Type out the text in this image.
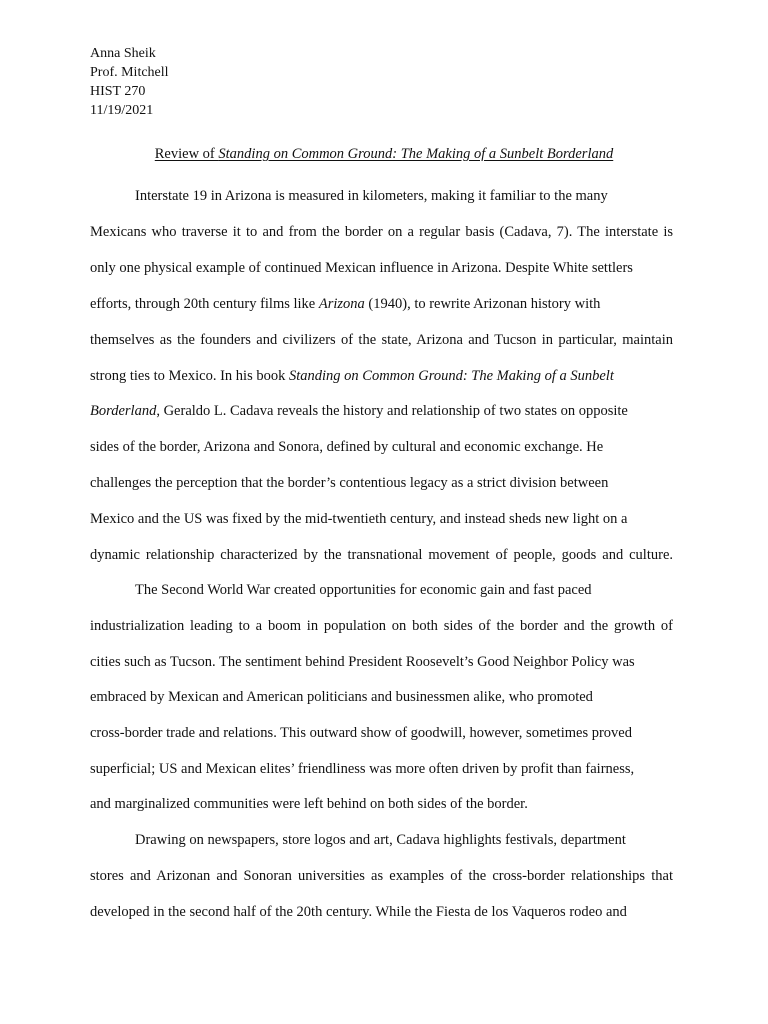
Anna Sheik
Prof. Mitchell
HIST 270
11/19/2021
Review of Standing on Common Ground: The Making of a Sunbelt Borderland
Interstate 19 in Arizona is measured in kilometers, making it familiar to the many
Mexicans who traverse it to and from the border on a regular basis (Cadava, 7). The interstate is
only one physical example of continued Mexican influence in Arizona. Despite White settlers
efforts, through 20th century films like Arizona (1940), to rewrite Arizonan history with
themselves as the founders and civilizers of the state, Arizona and Tucson in particular, maintain
strong ties to Mexico. In his book Standing on Common Ground: The Making of a Sunbelt
Borderland, Geraldo L. Cadava reveals the history and relationship of two states on opposite
sides of the border, Arizona and Sonora, defined by cultural and economic exchange. He
challenges the perception that the border’s contentious legacy as a strict division between
Mexico and the US was fixed by the mid-twentieth century, and instead sheds new light on a
dynamic relationship characterized by the transnational movement of people, goods and culture.
The Second World War created opportunities for economic gain and fast paced
industrialization leading to a boom in population on both sides of the border and the growth of
cities such as Tucson. The sentiment behind President Roosevelt’s Good Neighbor Policy was
embraced by Mexican and American politicians and businessmen alike, who promoted
cross-border trade and relations. This outward show of goodwill, however, sometimes proved
superficial; US and Mexican elites’ friendliness was more often driven by profit than fairness,
and marginalized communities were left behind on both sides of the border.
Drawing on newspapers, store logos and art, Cadava highlights festivals, department
stores and Arizonan and Sonoran universities as examples of the cross-border relationships that
developed in the second half of the 20th century. While the Fiesta de los Vaqueros rodeo and
